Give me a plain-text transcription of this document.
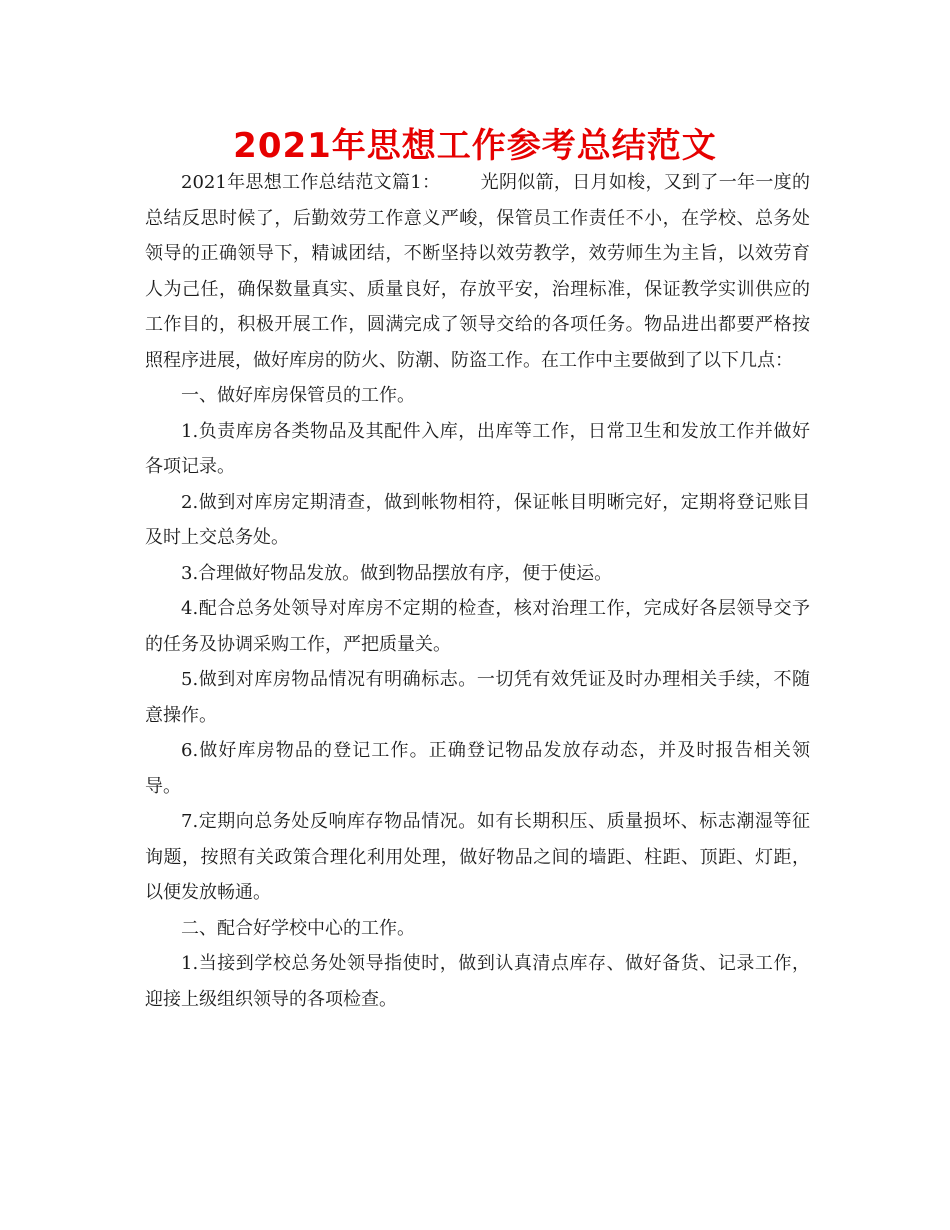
2021年思想工作参考总结范文

2021年思想工作总结范文篇1： 光阴似箭，日月如梭，又到了一年一度的总结反思时候了，后勤效劳工作意义严峻，保管员工作责任不小，在学校、总务处领导的正确领导下，精诚团结，不断坚持以效劳教学，效劳师生为主旨，以效劳育人为己任，确保数量真实、质量良好，存放平安，治理标准，保证教学实训供应的工作目的，积极开展工作，圆满完成了领导交给的各项任务。物品进出都要严格按照程序进展，做好库房的防火、防潮、防盗工作。在工作中主要做到了以下几点：

一、做好库房保管员的工作。

1.负责库房各类物品及其配件入库，出库等工作，日常卫生和发放工作并做好各项记录。

2.做到对库房定期清查，做到帐物相符，保证帐目明晰完好，定期将登记账目及时上交总务处。

3.合理做好物品发放。做到物品摆放有序，便于使运。

4.配合总务处领导对库房不定期的检查，核对治理工作，完成好各层领导交予的任务及协调采购工作，严把质量关。

5.做到对库房物品情况有明确标志。一切凭有效凭证及时办理相关手续，不随意操作。

6.做好库房物品的登记工作。正确登记物品发放存动态，并及时报告相关领导。

7.定期向总务处反响库存物品情况。如有长期积压、质量损坏、标志潮湿等征询题，按照有关政策合理化利用处理，做好物品之间的墙距、柱距、顶距、灯距，以便发放畅通。

二、配合好学校中心的工作。

1.当接到学校总务处领导指使时，做到认真清点库存、做好备货、记录工作，迎接上级组织领导的各项检查。
